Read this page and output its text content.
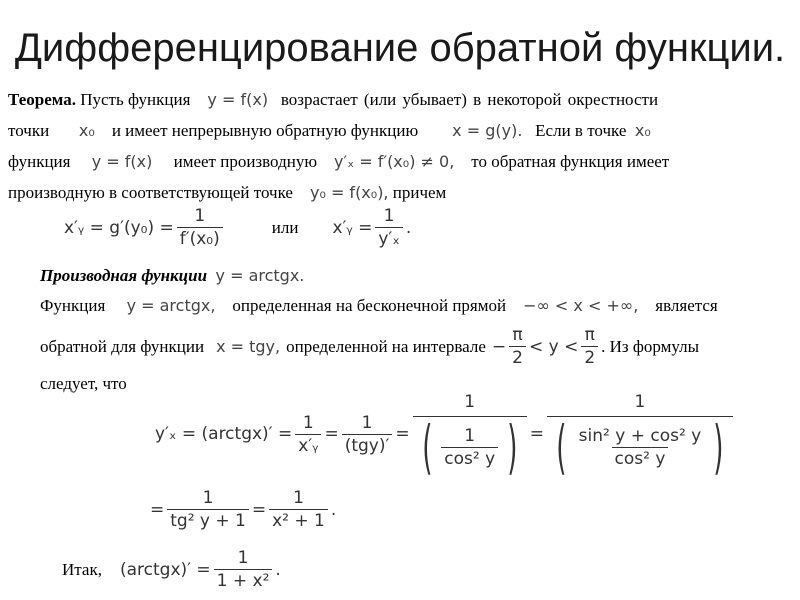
Дифференцирование обратной функции.
Теорема. Пусть функция y = f(x) возрастает (или убывает) в некоторой окрестности
точки x₀ и имеет непрерывную обратную функцию x = g(y). Если в точке x₀
функция y = f(x) имеет производную y′ₓ = f′(x₀) ≠ 0, то обратная функция имеет
производную в соответствующей точке y₀ = f(x₀), причем
x′ᵧ = $g'(y_0) = \frac{1}{\text{f′(x₀)}}$	или x′ᵧ = $\frac{1}{\text{y′ₓ}}$ .
Производная функции y = arctgx.
Функция y = arctgx, определенная на бесконечной прямой −∞ < x < +∞, является
обратной для функции x = tgy, определенной на интервале − $\frac{\pi}{2} < y < \frac{\pi}{2}$ . Из формулы
следует, что
y′ₓ = (arctgx)′ = $\frac{1}{\text{x′ᵧ}} = \frac{1}{\text{(tgy)′}} = \frac{1}{( \frac{1}{\text{cos² y}} )}$ =
1
( $\frac{\text{sin² y + cos² y}}{\text{cos² y}}$ )
= $\frac{1}{\text{tg² y + 1}} = \frac{1}{\text{x² + 1}}$ .
Итак, (arctgx)′ = $\frac{1}{\text{1 + x²}}$ .
